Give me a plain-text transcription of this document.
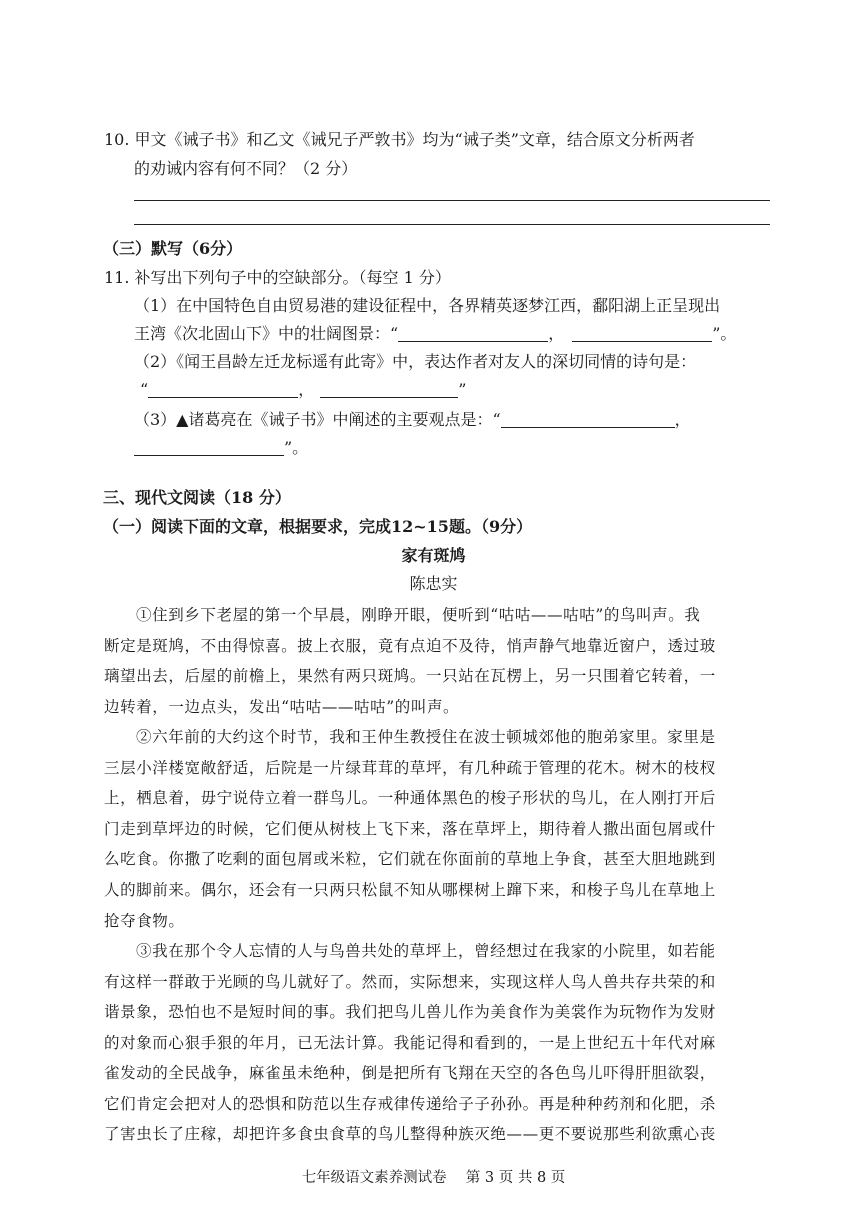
10. 甲文《诫子书》和乙文《诫兄子严敦书》均为“诫子类”文章，结合原文分析两者
的劝诫内容有何不同？（2 分）
（三）默写（6分）
11. 补写出下列句子中的空缺部分。（每空 1 分）
（1）在中国特色自由贸易港的建设征程中，各界精英逐梦江西，鄱阳湖上正呈现出
王湾《次北固山下》中的壮阔图景：“	，	”。
（2）《闻王昌龄左迁龙标遥有此寄》中，表达作者对友人的深切同情的诗句是：
“	，	”
（3）▲诸葛亮在《诫子书》中阐述的主要观点是：“	，
”。
三、现代文阅读（18 分）
（一）阅读下面的文章，根据要求，完成12~15题。（9分）
家有斑鸠
陈忠实
①住到乡下老屋的第一个早晨，刚睁开眼，便听到“咕咕——咕咕”的鸟叫声。我
断定是斑鸠，不由得惊喜。披上衣服，竟有点迫不及待，悄声静气地靠近窗户，透过玻
璃望出去，后屋的前檐上，果然有两只斑鸠。一只站在瓦楞上，另一只围着它转着，一
边转着，一边点头，发出“咕咕——咕咕”的叫声。
②六年前的大约这个时节，我和王仲生教授住在波士顿城郊他的胞弟家里。家里是
三层小洋楼宽敞舒适，后院是一片绿茸茸的草坪，有几种疏于管理的花木。树木的枝杈
上，栖息着，毋宁说侍立着一群鸟儿。一种通体黑色的梭子形状的鸟儿，在人刚打开后
门走到草坪边的时候，它们便从树枝上飞下来，落在草坪上，期待着人撒出面包屑或什
么吃食。你撒了吃剩的面包屑或米粒，它们就在你面前的草地上争食，甚至大胆地跳到
人的脚前来。偶尔，还会有一只两只松鼠不知从哪棵树上蹿下来，和梭子鸟儿在草地上
抢夺食物。
③我在那个令人忘情的人与鸟兽共处的草坪上，曾经想过在我家的小院里，如若能
有这样一群敢于光顾的鸟儿就好了。然而，实际想来，实现这样人鸟人兽共存共荣的和
谐景象，恐怕也不是短时间的事。我们把鸟儿兽儿作为美食作为美裳作为玩物作为发财
的对象而心狠手狠的年月，已无法计算。我能记得和看到的，一是上世纪五十年代对麻
雀发动的全民战争，麻雀虽未绝种，倒是把所有飞翔在天空的各色鸟儿吓得肝胆欲裂，
它们肯定会把对人的恐惧和防范以生存戒律传递给子子孙孙。再是种种药剂和化肥，杀
了害虫长了庄稼，却把许多食虫食草的鸟儿整得种族灭绝——更不要说那些利欲熏心丧
七年级语文素养测试卷　 第 3 页 共 8 页
